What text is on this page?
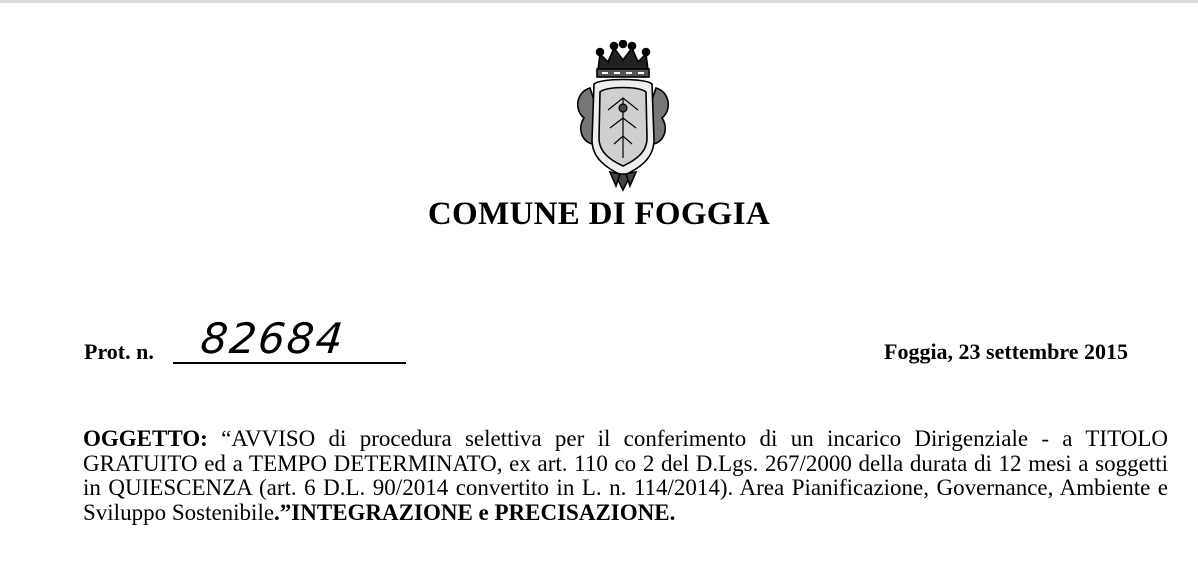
COMUNE DI FOGGIA
Prot. n. 82684	Foggia, 23 settembre 2015
OGGETTO: “AVVISO di procedura selettiva per il conferimento di un incarico Dirigenziale - a TITOLO GRATUITO ed a TEMPO DETERMINATO, ex art. 110 co 2 del D.Lgs. 267/2000 della durata di 12 mesi a soggetti in QUIESCENZA (art. 6 D.L. 90/2014 convertito in L. n. 114/2014). Area Pianificazione, Governance, Ambiente e Sviluppo Sostenibile.”INTEGRAZIONE e PRECISAZIONE.
